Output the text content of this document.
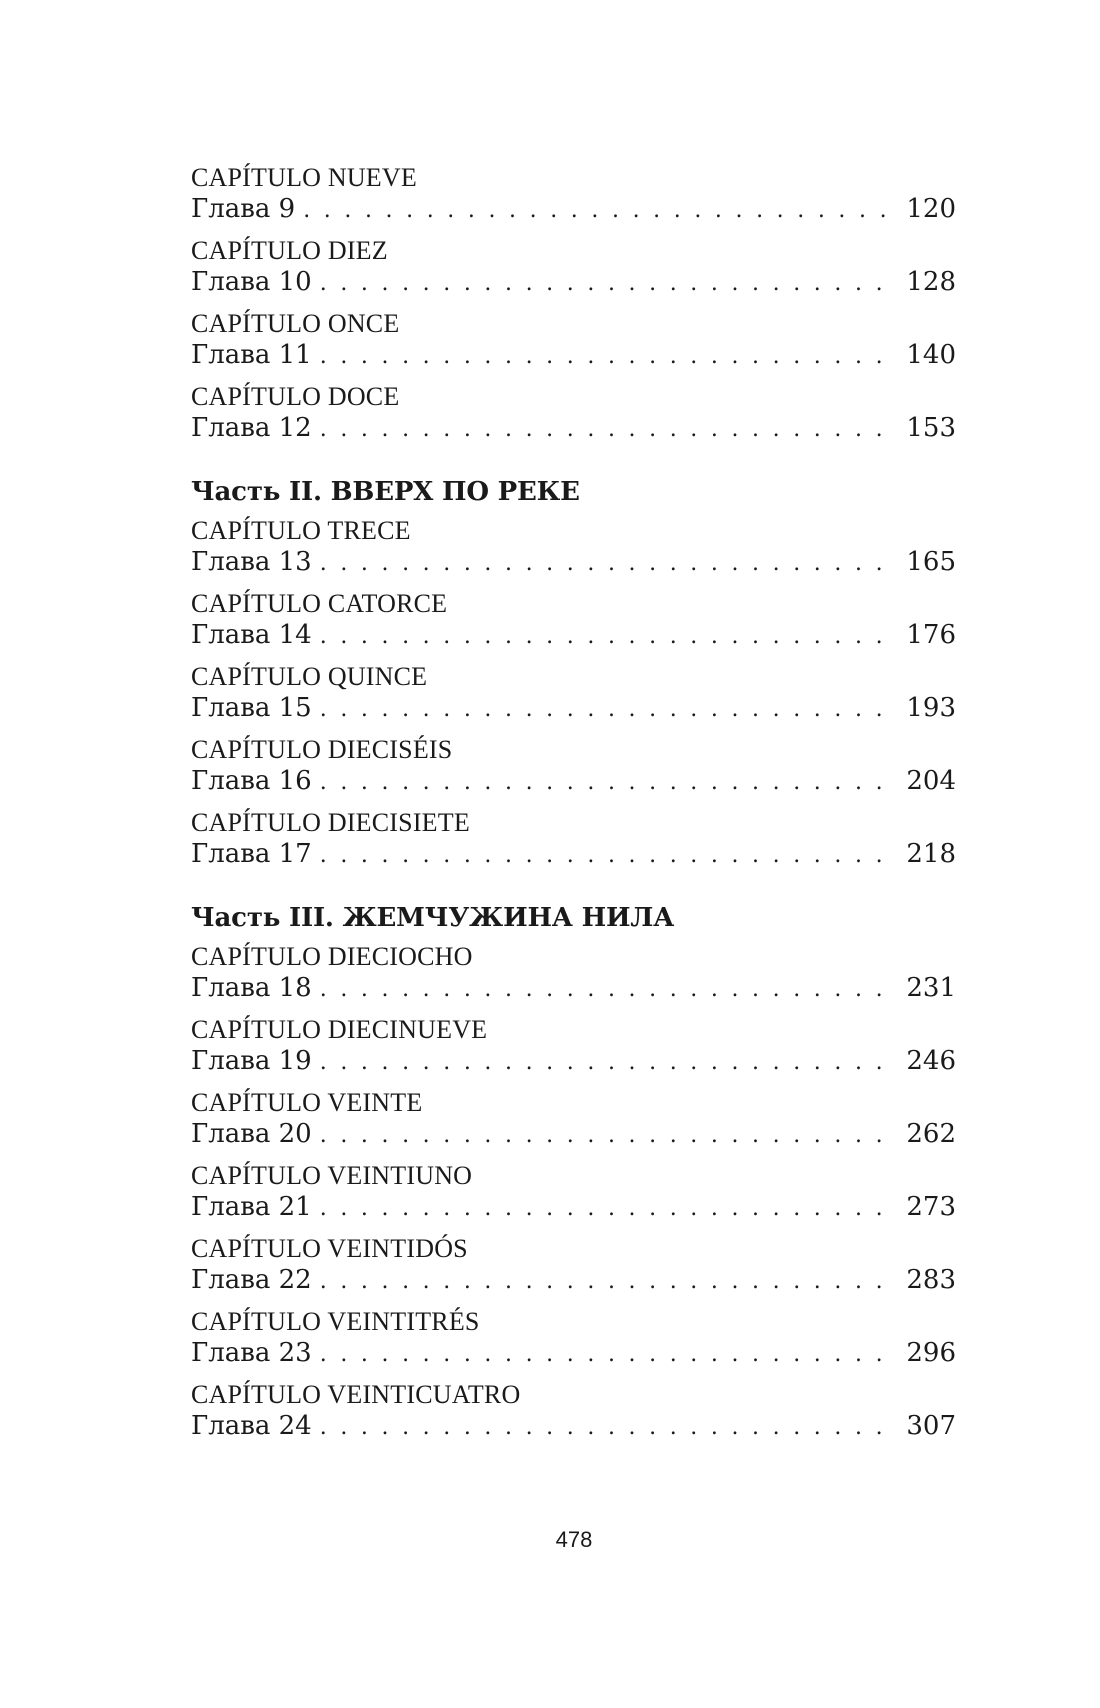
CAPÍTULO NUEVE
Глава 9 . . .	120
CAPÍTULO DIEZ
Глава 10 . . .	128
CAPÍTULO ONCE
Глава 11 . . .	140
CAPÍTULO DOCE
Глава 12 . . .	153
Часть II. ВВЕРХ ПО РЕКЕ
CAPÍTULO TRECE
Глава 13 . . .	165
CAPÍTULO CATORCE
Глава 14 . . .	176
CAPÍTULO QUINCE
Глава 15 . . .	193
CAPÍTULO DIECISÉIS
Глава 16 . . .	204
CAPÍTULO DIECISIETE
Глава 17 . . .	218
Часть III. ЖЕМЧУЖИНА НИЛА
CAPÍTULO DIECIOCHO
Глава 18 . . .	231
CAPÍTULO DIECINUEVE
Глава 19 . . .	246
CAPÍTULO VEINTE
Глава 20 . . .	262
CAPÍTULO VEINTIUNO
Глава 21 . . .	273
CAPÍTULO VEINTIDÓS
Глава 22 . . .	283
CAPÍTULO VEINTITRÉS
Глава 23 . . .	296
CAPÍTULO VEINTICUATRO
Глава 24 . . .	307
478
